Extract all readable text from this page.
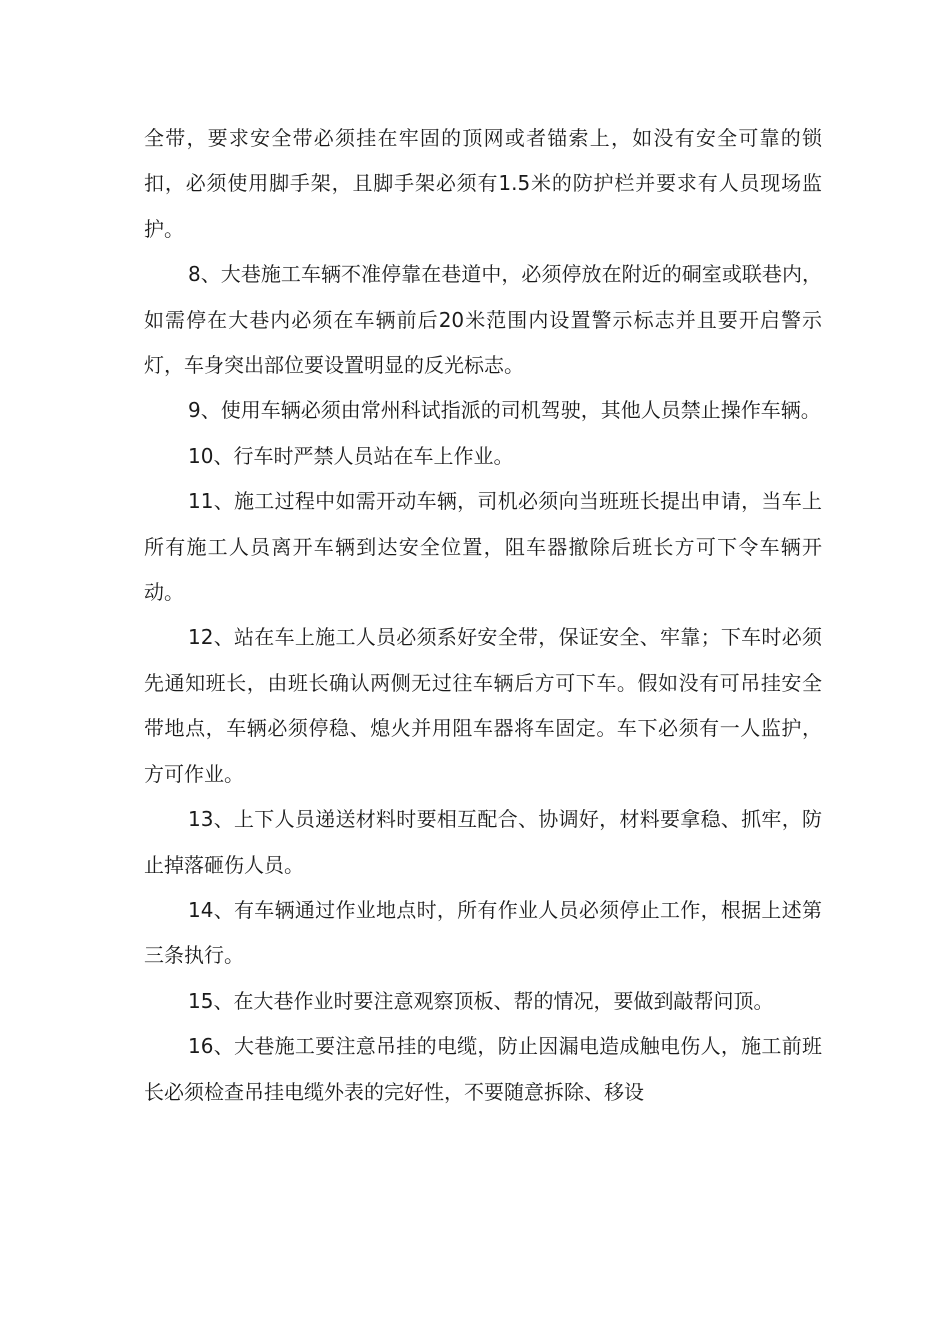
全带，要求安全带必须挂在牢固的顶网或者锚索上，如没有安全可靠的锁扣，必须使用脚手架，且脚手架必须有1.5米的防护栏并要求有人员现场监护。

8、大巷施工车辆不准停靠在巷道中，必须停放在附近的硐室或联巷内，如需停在大巷内必须在车辆前后20米范围内设置警示标志并且要开启警示灯，车身突出部位要设置明显的反光标志。

9、使用车辆必须由常州科试指派的司机驾驶，其他人员禁止操作车辆。

10、行车时严禁人员站在车上作业。

11、施工过程中如需开动车辆，司机必须向当班班长提出申请，当车上所有施工人员离开车辆到达安全位置，阻车器撤除后班长方可下令车辆开动。

12、站在车上施工人员必须系好安全带，保证安全、牢靠；下车时必须先通知班长，由班长确认两侧无过往车辆后方可下车。假如没有可吊挂安全带地点，车辆必须停稳、熄火并用阻车器将车固定。车下必须有一人监护，方可作业。

13、上下人员递送材料时要相互配合、协调好，材料要拿稳、抓牢，防止掉落砸伤人员。

14、有车辆通过作业地点时，所有作业人员必须停止工作，根据上述第三条执行。

15、在大巷作业时要注意观察顶板、帮的情况，要做到敲帮问顶。

16、大巷施工要注意吊挂的电缆，防止因漏电造成触电伤人，施工前班长必须检查吊挂电缆外表的完好性，不要随意拆除、移设
